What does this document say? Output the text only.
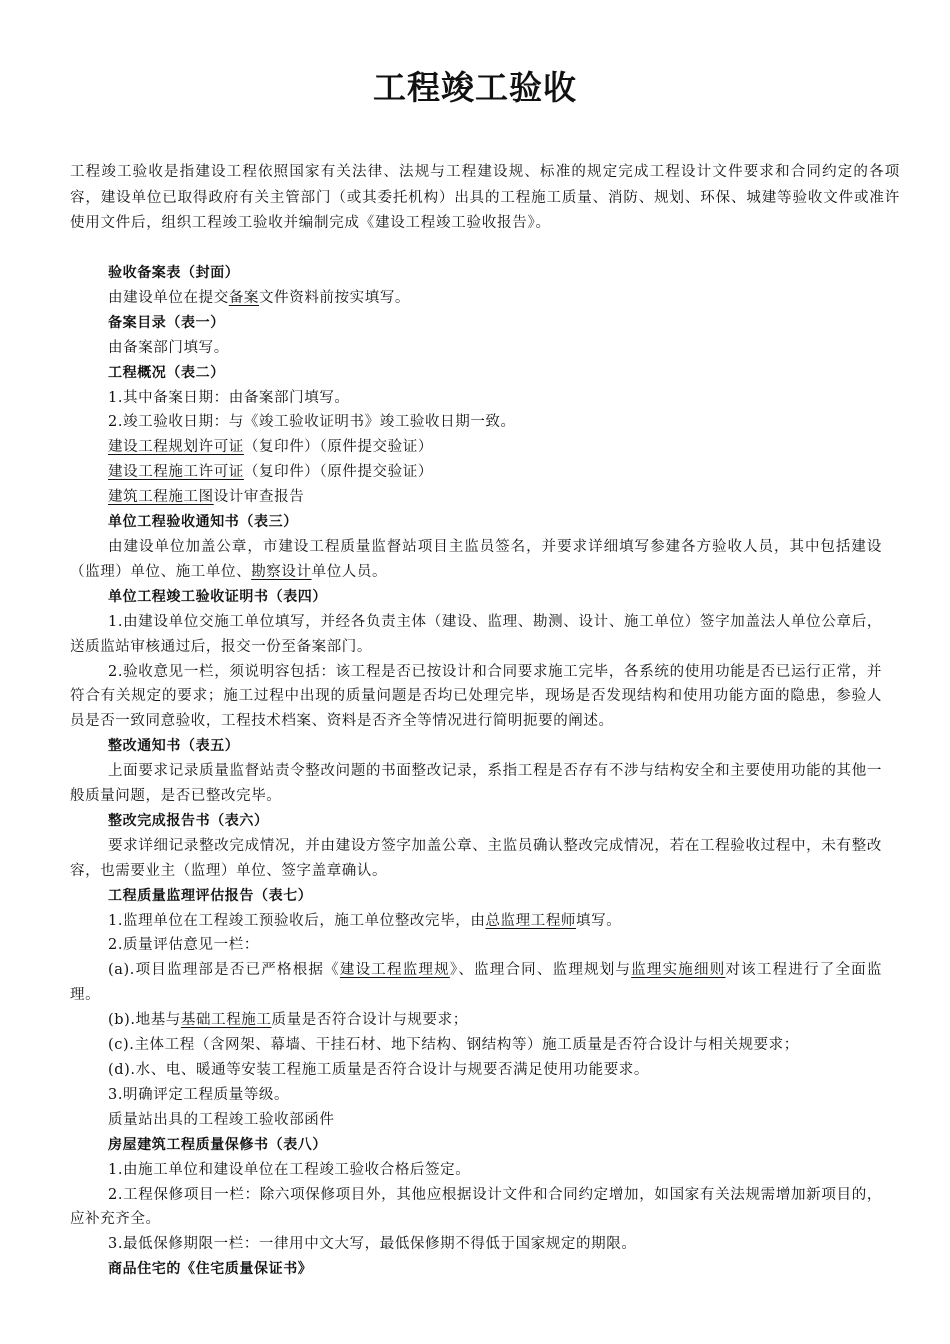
工程竣工验收
工程竣工验收是指建设工程依照国家有关法律、法规与工程建设规、标准的规定完成工程设计文件要求和合同约定的各项容，建设单位已取得政府有关主管部门（或其委托机构）出具的工程施工质量、消防、规划、环保、城建等验收文件或准许使用文件后，组织工程竣工验收并编制完成《建设工程竣工验收报告》。

验收备案表（封面）

由建设单位在提交备案文件资料前按实填写。

备案目录（表一）

由备案部门填写。

工程概况（表二）

1.其中备案日期：由备案部门填写。

2.竣工验收日期：与《竣工验收证明书》竣工验收日期一致。

建设工程规划许可证（复印件）（原件提交验证）

建设工程施工许可证（复印件）（原件提交验证）

建筑工程施工图设计审查报告

单位工程验收通知书（表三）

由建设单位加盖公章，市建设工程质量监督站项目主监员签名，并要求详细填写参建各方验收人员，其中包括建设（监理）单位、施工单位、勘察设计单位人员。

单位工程竣工验收证明书（表四）

1.由建设单位交施工单位填写，并经各负责主体（建设、监理、勘测、设计、施工单位）签字加盖法人单位公章后，送质监站审核通过后，报交一份至备案部门。

2.验收意见一栏，须说明容包括：该工程是否已按设计和合同要求施工完毕，各系统的使用功能是否已运行正常，并符合有关规定的要求；施工过程中出现的质量问题是否均已处理完毕，现场是否发现结构和使用功能方面的隐患，参验人员是否一致同意验收，工程技术档案、资料是否齐全等情况进行简明扼要的阐述。

整改通知书（表五）

上面要求记录质量监督站责令整改问题的书面整改记录，系指工程是否存有不涉与结构安全和主要使用功能的其他一般质量问题，是否已整改完毕。

整改完成报告书（表六）

要求详细记录整改完成情况，并由建设方签字加盖公章、主监员确认整改完成情况，若在工程验收过程中，未有整改容，也需要业主（监理）单位、签字盖章确认。

工程质量监理评估报告（表七）

1.监理单位在工程竣工预验收后，施工单位整改完毕，由总监理工程师填写。

2.质量评估意见一栏：

(a).项目监理部是否已严格根据《建设工程监理规》、监理合同、监理规划与监理实施细则对该工程进行了全面监理。

(b).地基与基础工程施工质量是否符合设计与规要求；

(c).主体工程（含网架、幕墙、干挂石材、地下结构、钢结构等）施工质量是否符合设计与相关规要求；

(d).水、电、暖通等安装工程施工质量是否符合设计与规要否满足使用功能要求。

3.明确评定工程质量等级。

质量站出具的工程竣工验收部函件

房屋建筑工程质量保修书（表八）

1.由施工单位和建设单位在工程竣工验收合格后签定。

2.工程保修项目一栏：除六项保修项目外，其他应根据设计文件和合同约定增加，如国家有关法规需增加新项目的，应补充齐全。

3.最低保修期限一栏：一律用中文大写，最低保修期不得低于国家规定的期限。

商品住宅的《住宅质量保证书》
